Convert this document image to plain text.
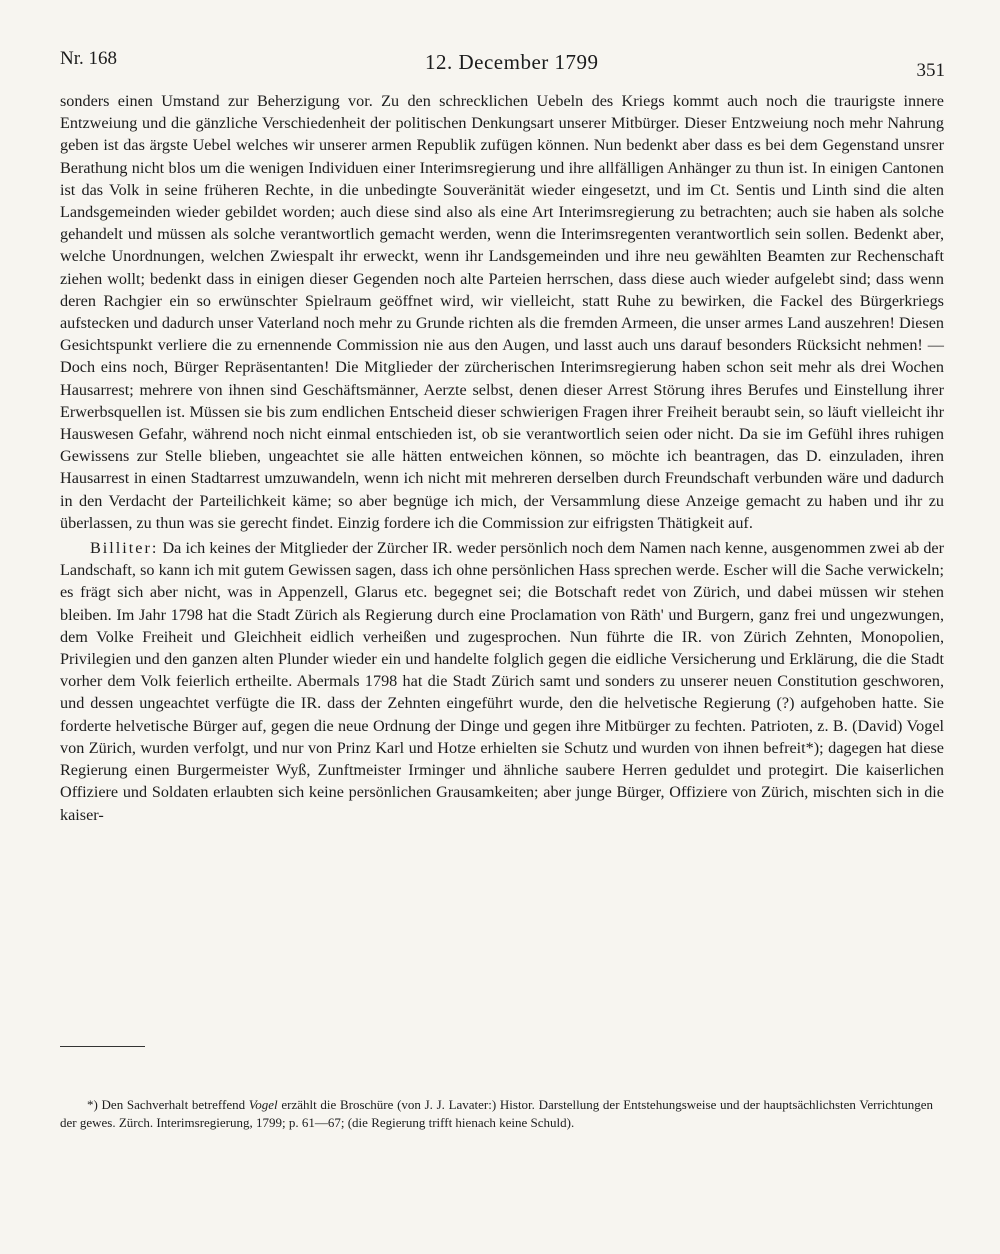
Nr. 168	12. December 1799	351

sonders einen Umstand zur Beherzigung vor. Zu den schrecklichen Uebeln des Kriegs kommt auch noch die traurigste innere Entzweiung und die gänzliche Verschiedenheit der politischen Denkungsart unserer Mitbürger. Dieser Entzweiung noch mehr Nahrung geben ist das ärgste Uebel welches wir unserer armen Republik zufügen können. Nun bedenkt aber dass es bei dem Gegenstand unsrer Berathung nicht blos um die wenigen Individuen einer Interimsregierung und ihre allfälligen Anhänger zu thun ist. In einigen Cantonen ist das Volk in seine früheren Rechte, in die unbedingte Souveränität wieder eingesetzt, und im Ct. Sentis und Linth sind die alten Landsgemeinden wieder gebildet worden; auch diese sind also als eine Art Interimsregierung zu betrachten; auch sie haben als solche gehandelt und müssen als solche verantwortlich gemacht werden, wenn die Interimsregenten verantwortlich sein sollen. Bedenkt aber, welche Unordnungen, welchen Zwiespalt ihr erweckt, wenn ihr Landsgemeinden und ihre neu gewählten Beamten zur Rechenschaft ziehen wollt; bedenkt dass in einigen dieser Gegenden noch alte Parteien herrschen, dass diese auch wieder aufgelebt sind; dass wenn deren Rachgier ein so erwünschter Spielraum geöffnet wird, wir vielleicht, statt Ruhe zu bewirken, die Fackel des Bürgerkriegs aufstecken und dadurch unser Vaterland noch mehr zu Grunde richten als die fremden Armeen, die unser armes Land auszehren! Diesen Gesichtspunkt verliere die zu ernennende Commission nie aus den Augen, und lasst auch uns darauf besonders Rücksicht nehmen! — Doch eins noch, Bürger Repräsentanten! Die Mitglieder der zürcherischen Interimsregierung haben schon seit mehr als drei Wochen Hausarrest; mehrere von ihnen sind Geschäftsmänner, Aerzte selbst, denen dieser Arrest Störung ihres Berufes und Einstellung ihrer Erwerbsquellen ist. Müssen sie bis zum endlichen Entscheid dieser schwierigen Fragen ihrer Freiheit beraubt sein, so läuft vielleicht ihr Hauswesen Gefahr, während noch nicht einmal entschieden ist, ob sie verantwortlich seien oder nicht. Da sie im Gefühl ihres ruhigen Gewissens zur Stelle blieben, ungeachtet sie alle hätten entweichen können, so möchte ich beantragen, das D. einzuladen, ihren Hausarrest in einen Stadtarrest umzuwandeln, wenn ich nicht mit mehreren derselben durch Freundschaft verbunden wäre und dadurch in den Verdacht der Parteilichkeit käme; so aber begnüge ich mich, der Versammlung diese Anzeige gemacht zu haben und ihr zu überlassen, zu thun was sie gerecht findet. Einzig fordere ich die Commission zur eifrigsten Thätigkeit auf.

Billiter: Da ich keines der Mitglieder der Zürcher IR. weder persönlich noch dem Namen nach kenne, ausgenommen zwei ab der Landschaft, so kann ich mit gutem Gewissen sagen, dass ich ohne persönlichen Hass sprechen werde. Escher will die Sache verwickeln; es frägt sich aber nicht, was in Appenzell, Glarus etc. begegnet sei; die Botschaft redet von Zürich, und dabei müssen wir stehen bleiben. Im Jahr 1798 hat die Stadt Zürich als Regierung durch eine Proclamation von Räth' und Burgern, ganz frei und ungezwungen, dem Volke Freiheit und Gleichheit eidlich verheißen und zugesprochen. Nun führte die IR. von Zürich Zehnten, Monopolien, Privilegien und den ganzen alten Plunder wieder ein und handelte folglich gegen die eidliche Versicherung und Erklärung, die die Stadt vorher dem Volk feierlich ertheilte. Abermals 1798 hat die Stadt Zürich samt und sonders zu unserer neuen Constitution geschworen, und dessen ungeachtet verfügte die IR. dass der Zehnten eingeführt wurde, den die helvetische Regierung (?) aufgehoben hatte. Sie forderte helvetische Bürger auf, gegen die neue Ordnung der Dinge und gegen ihre Mitbürger zu fechten. Patrioten, z. B. (David) Vogel von Zürich, wurden verfolgt, und nur von Prinz Karl und Hotze erhielten sie Schutz und wurden von ihnen befreit*); dagegen hat diese Regierung einen Burgermeister Wyß, Zunftmeister Irminger und ähnliche saubere Herren geduldet und protegirt. Die kaiserlichen Offiziere und Soldaten erlaubten sich keine persönlichen Grausamkeiten; aber junge Bürger, Offiziere von Zürich, mischten sich in die kaiser-

*) Den Sachverhalt betreffend Vogel erzählt die Broschüre (von J. J. Lavater:) Histor. Darstellung der Entstehungsweise und der hauptsächlichsten Verrichtungen der gewes. Zürch. Interimsregierung, 1799; p. 61—67; (die Regierung trifft hienach keine Schuld).
